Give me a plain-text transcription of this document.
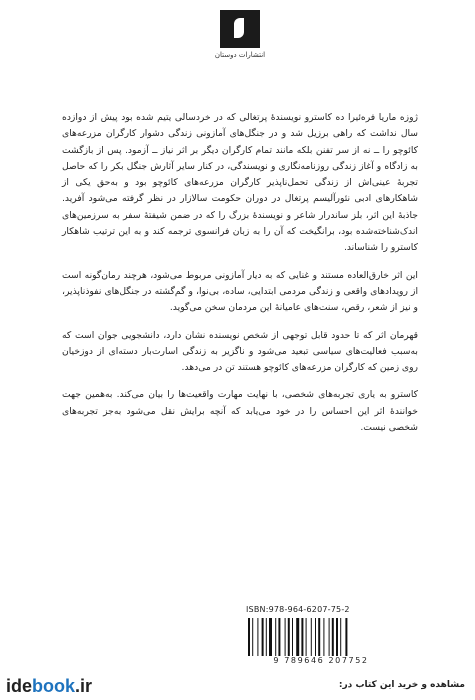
انتشارات دوستان

ژوزه ماریا فره‌ئیرا ده کاسترو نویسندهٔ پرتغالی که در خردسالی یتیم شده بود پیش از دوازده سال نداشت که راهی برزیل شد و در جنگل‌های آمازونی زندگی دشوار کارگران مزرعه‌های کائوچو را ــ نه از سر تفنن بلکه مانند تمام کارگران دیگر بر اثر نیاز ــ آزمود. پس از بازگشت به زادگاه و آغاز زندگی روزنامه‌نگاری و نویسندگی، در کنار سایر آثارش جنگل بکر را که حاصل تجربهٔ عینی‌اش از زندگی تحمل‌ناپذیر کارگران مزرعه‌های کائوچو بود و به‌حق یکی از شاهکارهای ادبی نئورآلیسم پرتغال در دوران حکومت سالازار در نظر گرفته می‌شود آفرید. جاذبهٔ این اثر، بلز ساندرار شاعر و نویسندهٔ بزرگ را که در ضمن شیفتهٔ سفر به سرزمین‌های اندک‌شناخته‌شده بود، برانگیخت که آن را به زبان فرانسوی ترجمه کند و به این ترتیب شاهکار کاسترو را شناساند.

این اثر خارق‌العاده مستند و غنایی که به دیار آمازونی مربوط می‌شود، هرچند رمان‌گونه است از رویدادهای واقعی و زندگی مردمی ابتدایی، ساده، بی‌نوا، و گم‌گشته در جنگل‌های نفوذناپذیر، و نیز از شعر، رقص، سنت‌های عامیانهٔ این مردمان سخن می‌گوید.

قهرمان اثر که تا حدود قابل توجهی از شخص نویسنده نشان دارد، دانشجویی جوان است که به‌سبب فعالیت‌های سیاسی تبعید می‌شود و ناگزیر به زندگی اسارت‌بار دسته‌ای از دوزخیان روی زمین که کارگران مزرعه‌های کائوچو هستند تن در می‌دهد.

کاسترو به یاری تجربه‌های شخصی، با نهایت مهارت واقعیت‌ها را بیان می‌کند. به‌همین جهت خوانندهٔ اثر این احساس را در خود می‌یابد که آنچه برایش نقل می‌شود به‌جز تجربه‌های شخصی نیست.

ISBN:978-964-6207-75-2
9 789646 207752
idebook.ir	مشاهده و خرید این کتاب در:
